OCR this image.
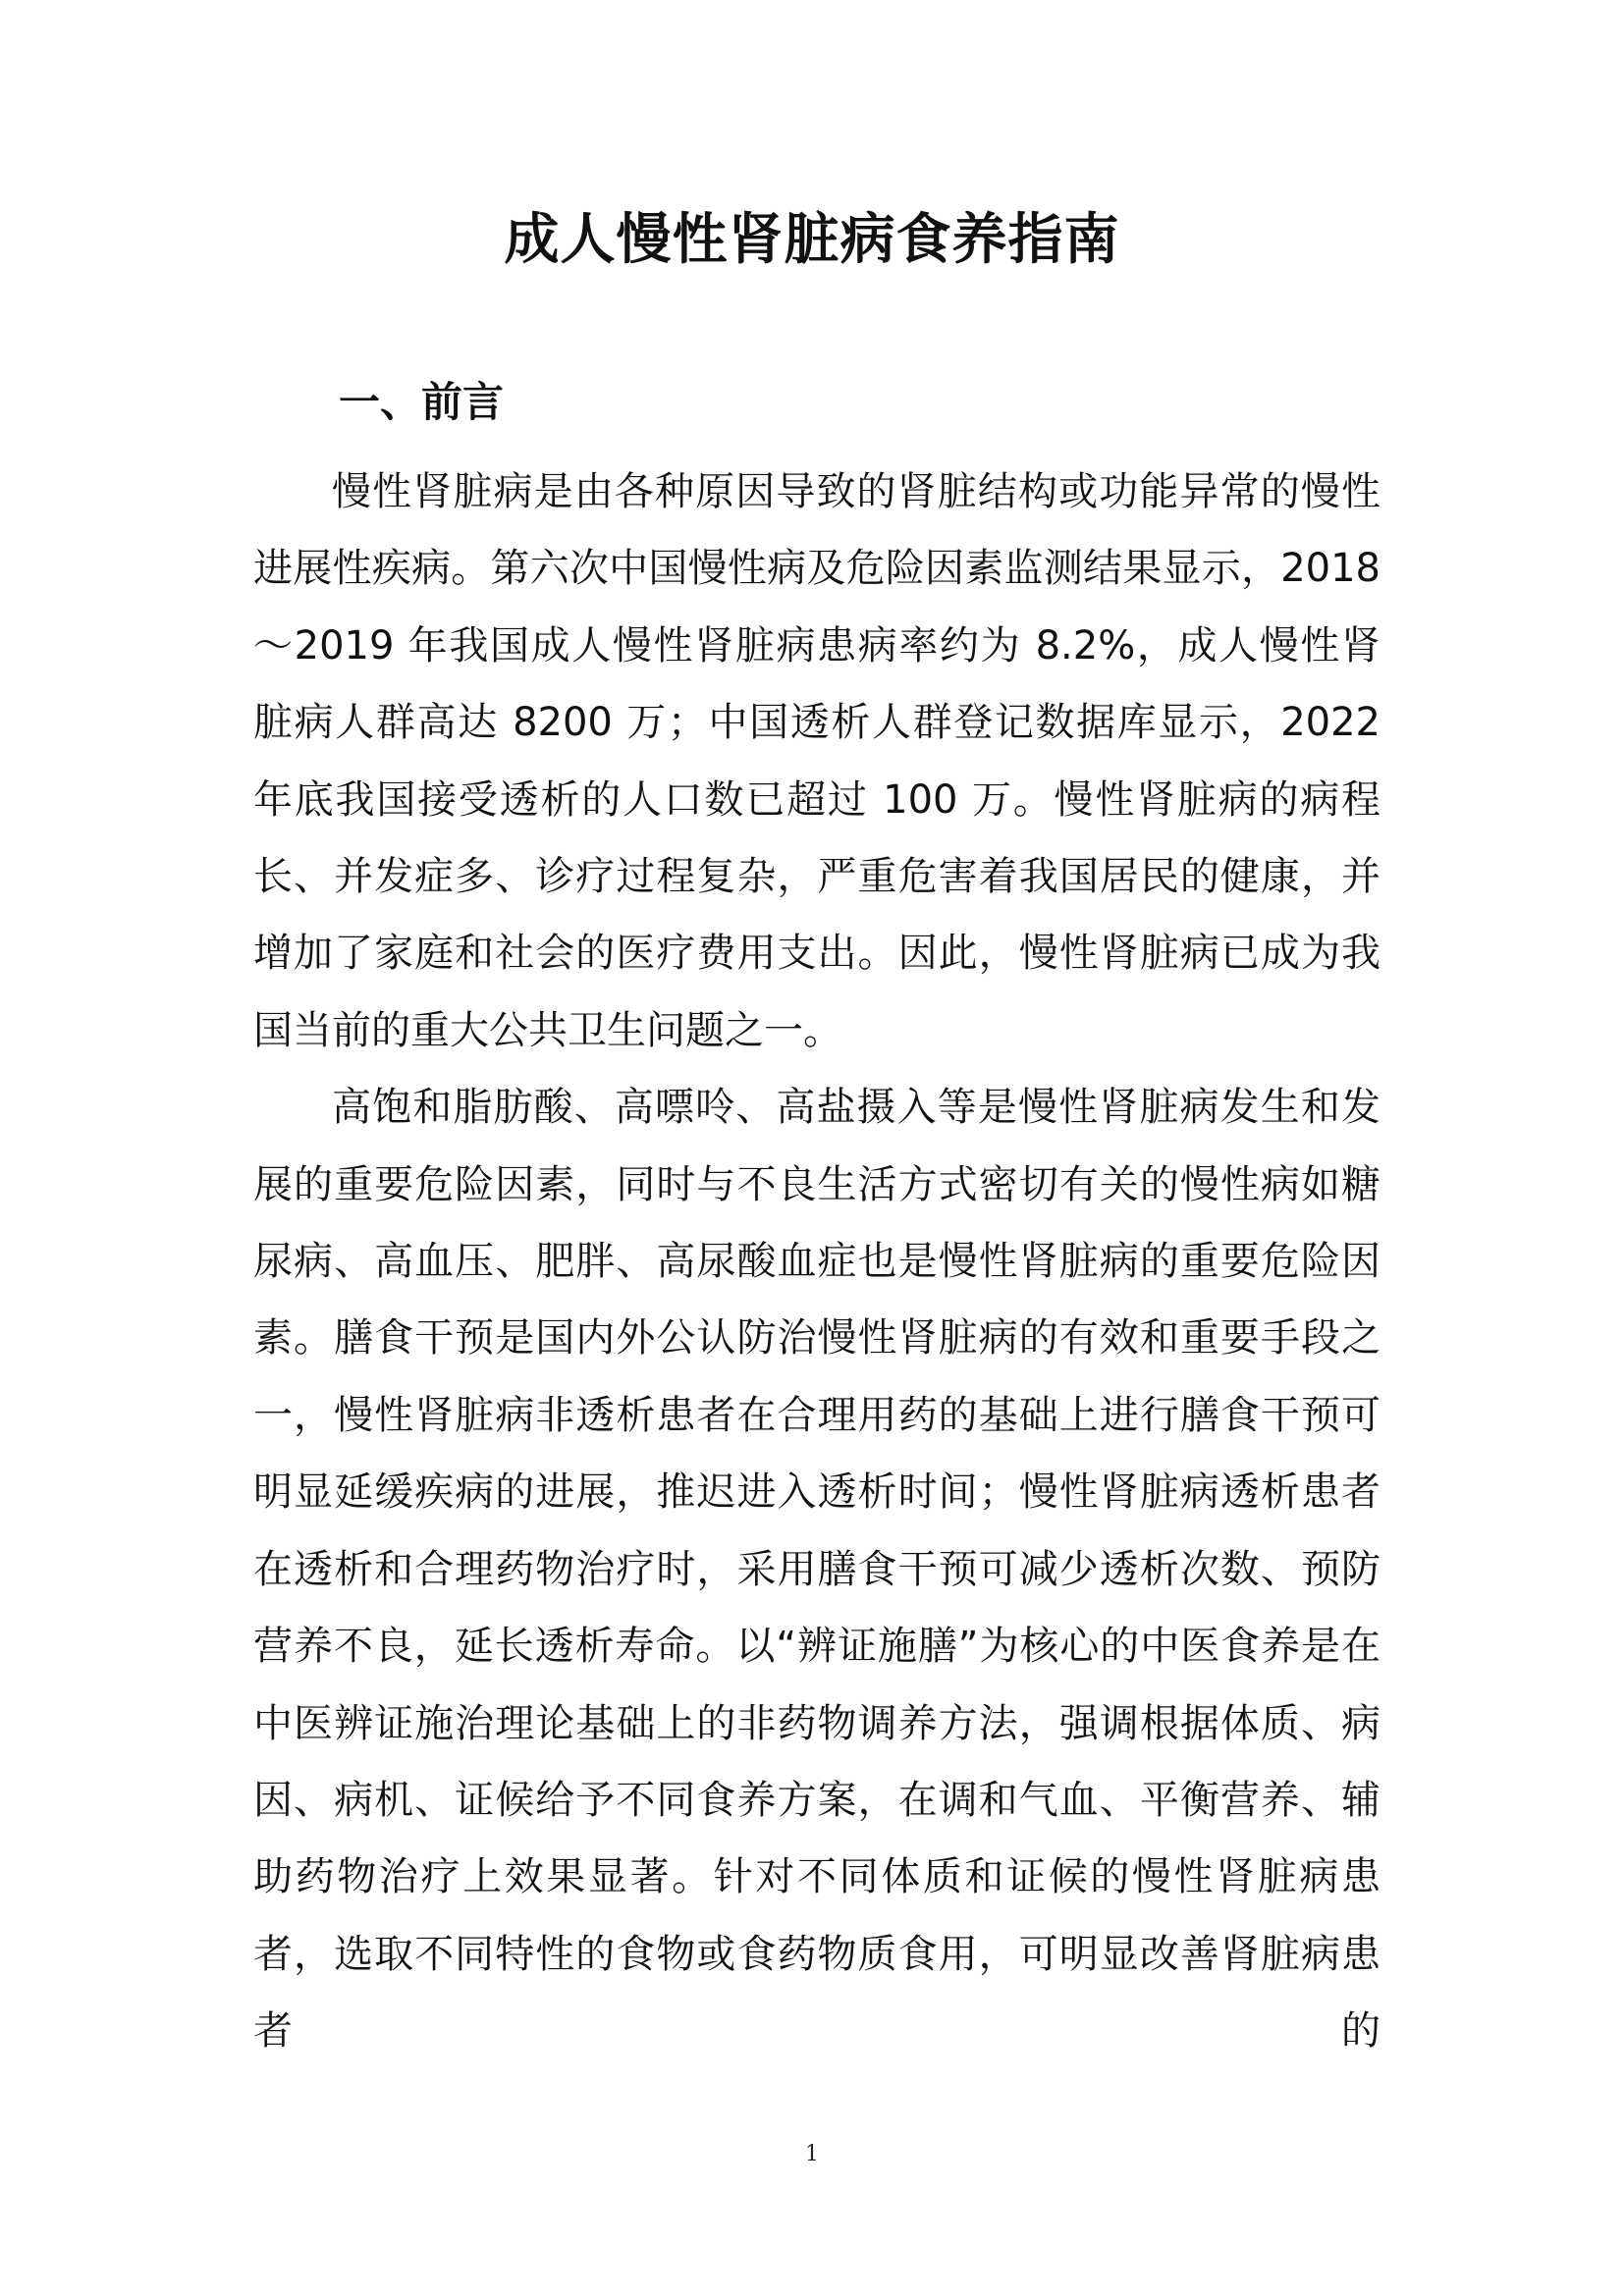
成人慢性肾脏病食养指南
一、前言

慢性肾脏病是由各种原因导致的肾脏结构或功能异常的慢性进展性疾病。第六次中国慢性病及危险因素监测结果显示，2018～2019 年我国成人慢性肾脏病患病率约为 8.2%，成人慢性肾脏病人群高达 8200 万；中国透析人群登记数据库显示，2022 年底我国接受透析的人口数已超过 100 万。慢性肾脏病的病程长、并发症多、诊疗过程复杂，严重危害着我国居民的健康，并增加了家庭和社会的医疗费用支出。因此，慢性肾脏病已成为我国当前的重大公共卫生问题之一。

高饱和脂肪酸、高嘌呤、高盐摄入等是慢性肾脏病发生和发展的重要危险因素，同时与不良生活方式密切有关的慢性病如糖尿病、高血压、肥胖、高尿酸血症也是慢性肾脏病的重要危险因素。膳食干预是国内外公认防治慢性肾脏病的有效和重要手段之一，慢性肾脏病非透析患者在合理用药的基础上进行膳食干预可明显延缓疾病的进展，推迟进入透析时间；慢性肾脏病透析患者在透析和合理药物治疗时，采用膳食干预可减少透析次数、预防营养不良，延长透析寿命。以“辨证施膳”为核心的中医食养是在中医辨证施治理论基础上的非药物调养方法，强调根据体质、病因、病机、证候给予不同食养方案，在调和气血、平衡营养、辅助药物治疗上效果显著。针对不同体质和证候的慢性肾脏病患者，选取不同特性的食物或食药物质食用，可明显改善肾脏病患者的

1
